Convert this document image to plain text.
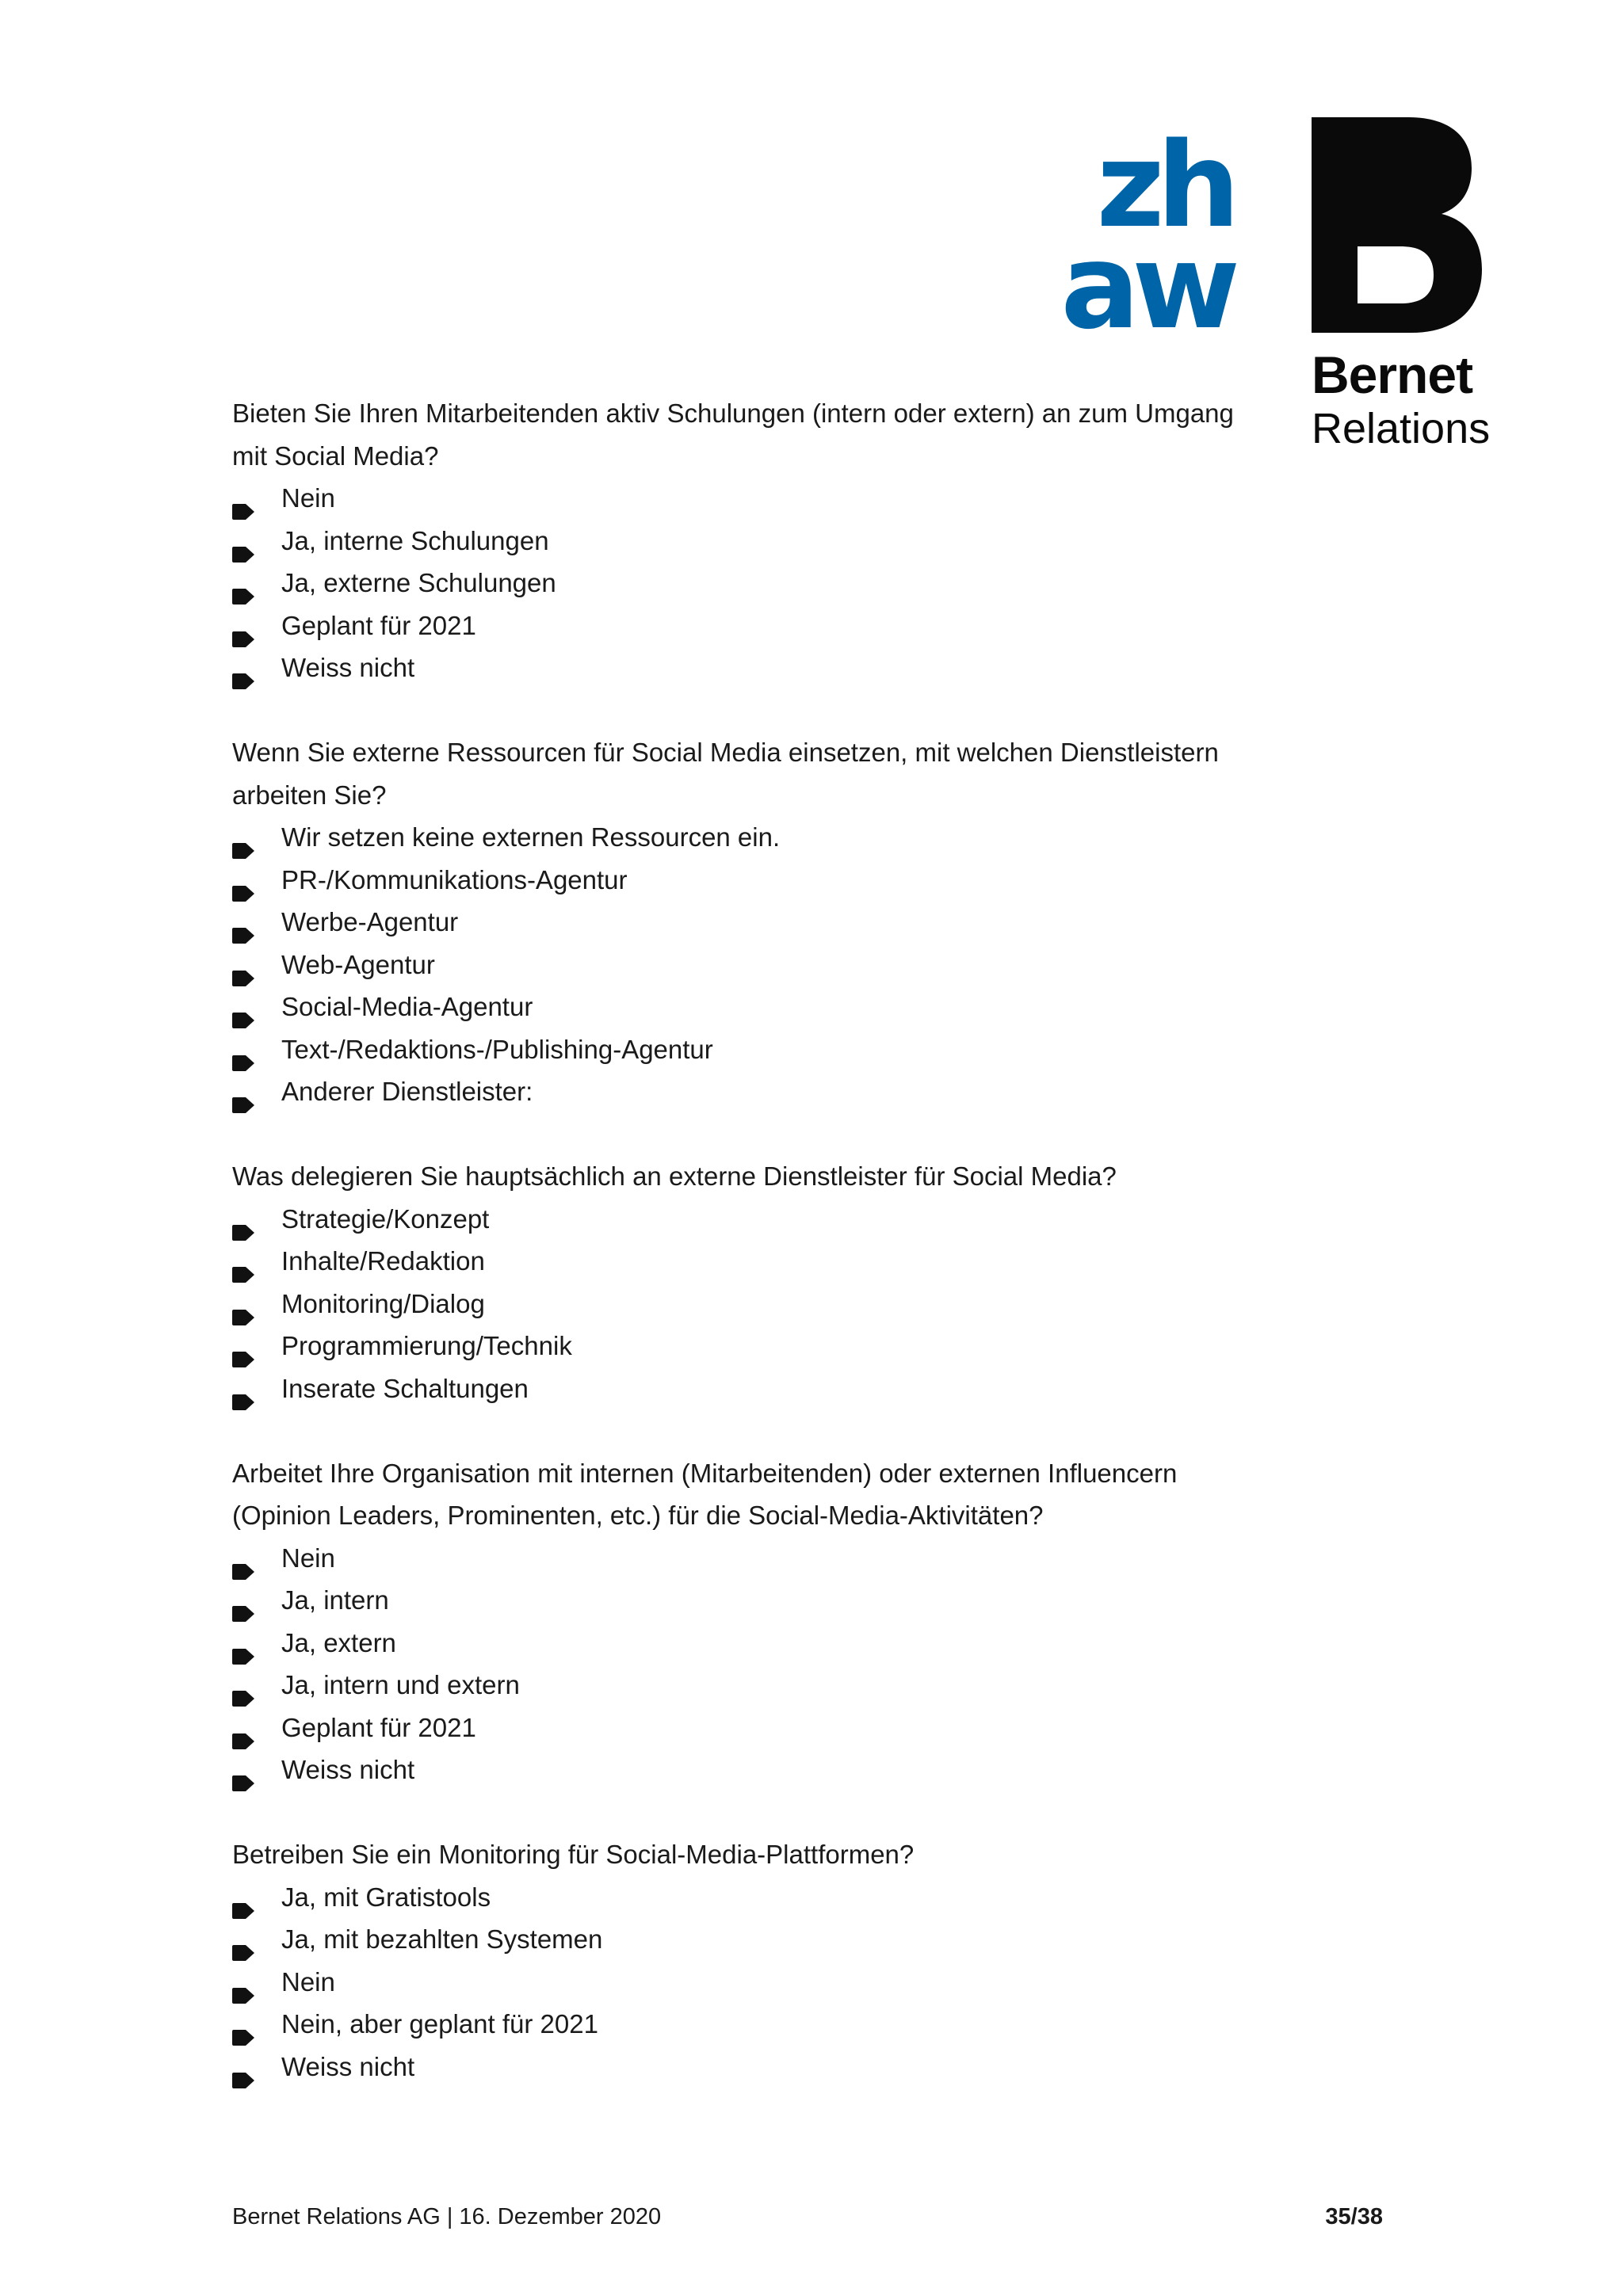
zh
aw
Bernet
Relations

Bieten Sie Ihren Mitarbeitenden aktiv Schulungen (intern oder extern) an zum Umgang mit Social Media?

Nein
Ja, interne Schulungen
Ja, externe Schulungen
Geplant für 2021
Weiss nicht

Wenn Sie externe Ressourcen für Social Media einsetzen, mit welchen Dienstleistern arbeiten Sie?

Wir setzen keine externen Ressourcen ein.
PR-/Kommunikations-Agentur
Werbe-Agentur
Web-Agentur
Social-Media-Agentur
Text-/Redaktions-/Publishing-Agentur
Anderer Dienstleister:

Was delegieren Sie hauptsächlich an externe Dienstleister für Social Media?

Strategie/Konzept
Inhalte/Redaktion
Monitoring/Dialog
Programmierung/Technik
Inserate Schaltungen

Arbeitet Ihre Organisation mit internen (Mitarbeitenden) oder externen Influencern (Opinion Leaders, Prominenten, etc.) für die Social-Media-Aktivitäten?

Nein
Ja, intern
Ja, extern
Ja, intern und extern
Geplant für 2021
Weiss nicht

Betreiben Sie ein Monitoring für Social-Media-Plattformen?

Ja, mit Gratistools
Ja, mit bezahlten Systemen
Nein
Nein, aber geplant für 2021
Weiss nicht
Bernet Relations AG | 16. Dezember 2020	35/38
